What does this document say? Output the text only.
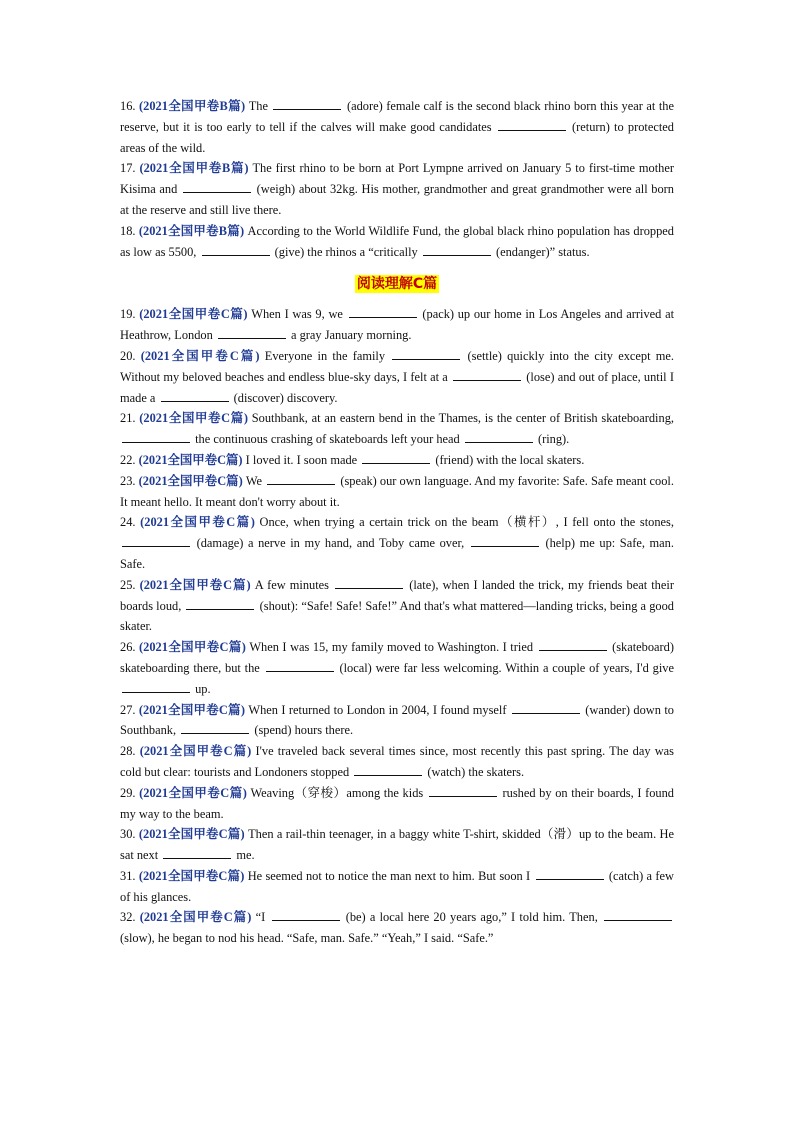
16. (2021全国甲卷B篇) The	(adore) female calf is the second black rhino born this year at the reserve, but it is too early to tell if the calves will make good candidates	(return) to protected areas of the wild.
17. (2021全国甲卷B篇) The first rhino to be born at Port Lympne arrived on January 5 to first-time mother Kisima and	(weigh) about 32kg. His mother, grandmother and great grandmother were all born at the reserve and still live there.
18. (2021全国甲卷B篇) According to the World Wildlife Fund, the global black rhino population has dropped as low as 5500,	(give) the rhinos a “critically	(endanger)” status.
阅读理解C篇
19. (2021全国甲卷C篇) When I was 9, we	(pack) up our home in Los Angeles and arrived at Heathrow, London	a gray January morning.
20. (2021全国甲卷C篇) Everyone in the family	(settle) quickly into the city except me. Without my beloved beaches and endless blue-sky days, I felt at a	(lose) and out of place, until I made a	(discover) discovery.
21. (2021全国甲卷C篇) Southbank, at an eastern bend in the Thames, is the center of British skateboarding,  the continuous crashing of skateboards left your head	(ring).
22. (2021全国甲卷C篇) I loved it. I soon made	(friend) with the local skaters.
23. (2021全国甲卷C篇) We	(speak) our own language. And my favorite: Safe. Safe meant cool. It meant hello. It meant don't worry about it.
24. (2021全国甲卷C篇) Once, when trying a certain trick on the beam（横杆）, I fell onto the stones,  (damage) a nerve in my hand, and Toby came over,	(help) me up: Safe, man. Safe.
25. (2021全国甲卷C篇) A few minutes	(late), when I landed the trick, my friends beat their boards loud,	(shout): “Safe! Safe! Safe!” And that's what mattered—landing tricks, being a good skater.
26. (2021全国甲卷C篇) When I was 15, my family moved to Washington. I tried	(skateboard) skateboarding there, but the	(local) were far less welcoming. Within a couple of years, I'd give  up.
27. (2021全国甲卷C篇) When I returned to London in 2004, I found myself	(wander) down to Southbank,	(spend) hours there.
28. (2021全国甲卷C篇) I've traveled back several times since, most recently this past spring. The day was cold but clear: tourists and Londoners stopped	(watch) the skaters.
29. (2021全国甲卷C篇) Weaving（穿梭）among the kids	rushed by on their boards, I found my way to the beam.
30. (2021全国甲卷C篇) Then a rail-thin teenager, in a baggy white T-shirt, skidded（滑）up to the beam. He sat next	me.
31. (2021全国甲卷C篇) He seemed not to notice the man next to him. But soon I	(catch) a few of his glances.
32. (2021全国甲卷C篇) “I	(be) a local here 20 years ago,” I told him. Then,  (slow), he began to nod his head. “Safe, man. Safe.” “Yeah,” I said. “Safe.”
